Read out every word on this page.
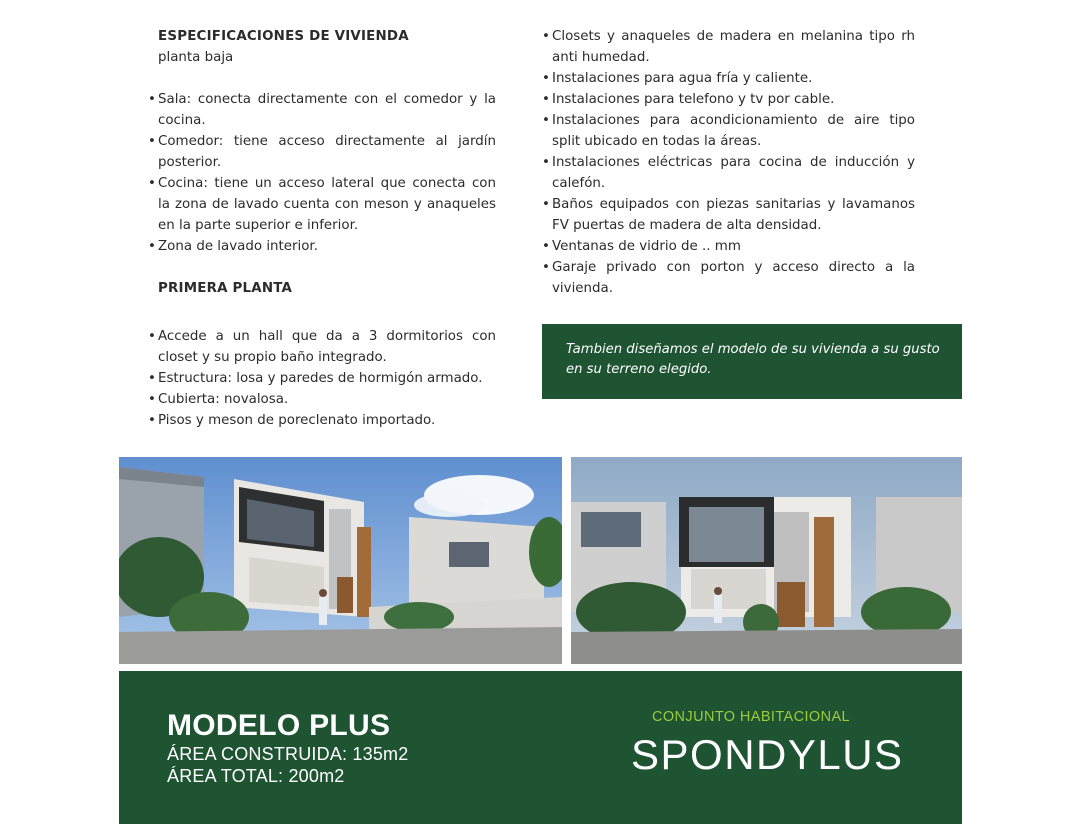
ESPECIFICACIONES DE VIVIENDA
planta baja
• Sala: conecta directamente con el comedor y la cocina.
• Comedor: tiene acceso directamente al jardín posterior.
• Cocina: tiene un acceso lateral que conecta con la zona de lavado cuenta con meson y anaqueles en la parte superior e inferior.
• Zona de lavado interior.
PRIMERA PLANTA
• Accede a un hall que da a 3 dormitorios con closet y su propio baño integrado.
• Estructura: losa y paredes de hormigón armado.
• Cubierta: novalosa.
• Pisos y meson de poreclenato importado.
• Closets y anaqueles de madera en melanina tipo rh anti humedad.
• Instalaciones para agua fría y caliente.
• Instalaciones para telefono y tv por cable.
• Instalaciones para acondicionamiento de aire tipo split ubicado en todas la áreas.
• Instalaciones eléctricas para cocina de inducción y calefón.
• Baños equipados con piezas sanitarias y lavamanos FV puertas de madera de alta densidad.
• Ventanas de vidrio de .. mm
• Garaje privado con porton y acceso directo a la vivienda.
Tambien diseñamos el modelo de su vivienda a su gusto en su terreno elegido.
MODELO PLUS
ÁREA CONSTRUIDA: 135m2
ÁREA TOTAL: 200m2
CONJUNTO HABITACIONAL
SPONDYLUS
